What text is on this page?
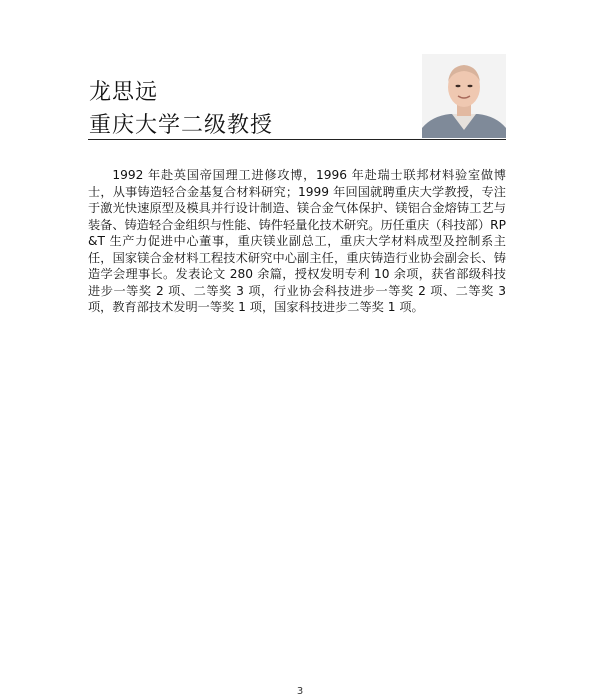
龙思远
重庆大学二级教授

1992 年赴英国帝国理工进修攻博，1996 年赴瑞士联邦材料验室做博士，从事铸造轻合金基复合材料研究；1999 年回国就聘重庆大学教授，专注于激光快速原型及模具并行设计制造、镁合金气体保护、镁铝合金熔铸工艺与装备、铸造轻合金组织与性能、铸件轻量化技术研究。历任重庆（科技部）RP&T 生产力促进中心董事，重庆镁业副总工，重庆大学材料成型及控制系主任，国家镁合金材料工程技术研究中心副主任，重庆铸造行业协会副会长、铸造学会理事长。发表论文 280 余篇，授权发明专利 10 余项，获省部级科技进步一等奖 2 项、二等奖 3 项，行业协会科技进步一等奖 2 项、二等奖 3 项，教育部技术发明一等奖 1 项，国家科技进步二等奖 1 项。

3
